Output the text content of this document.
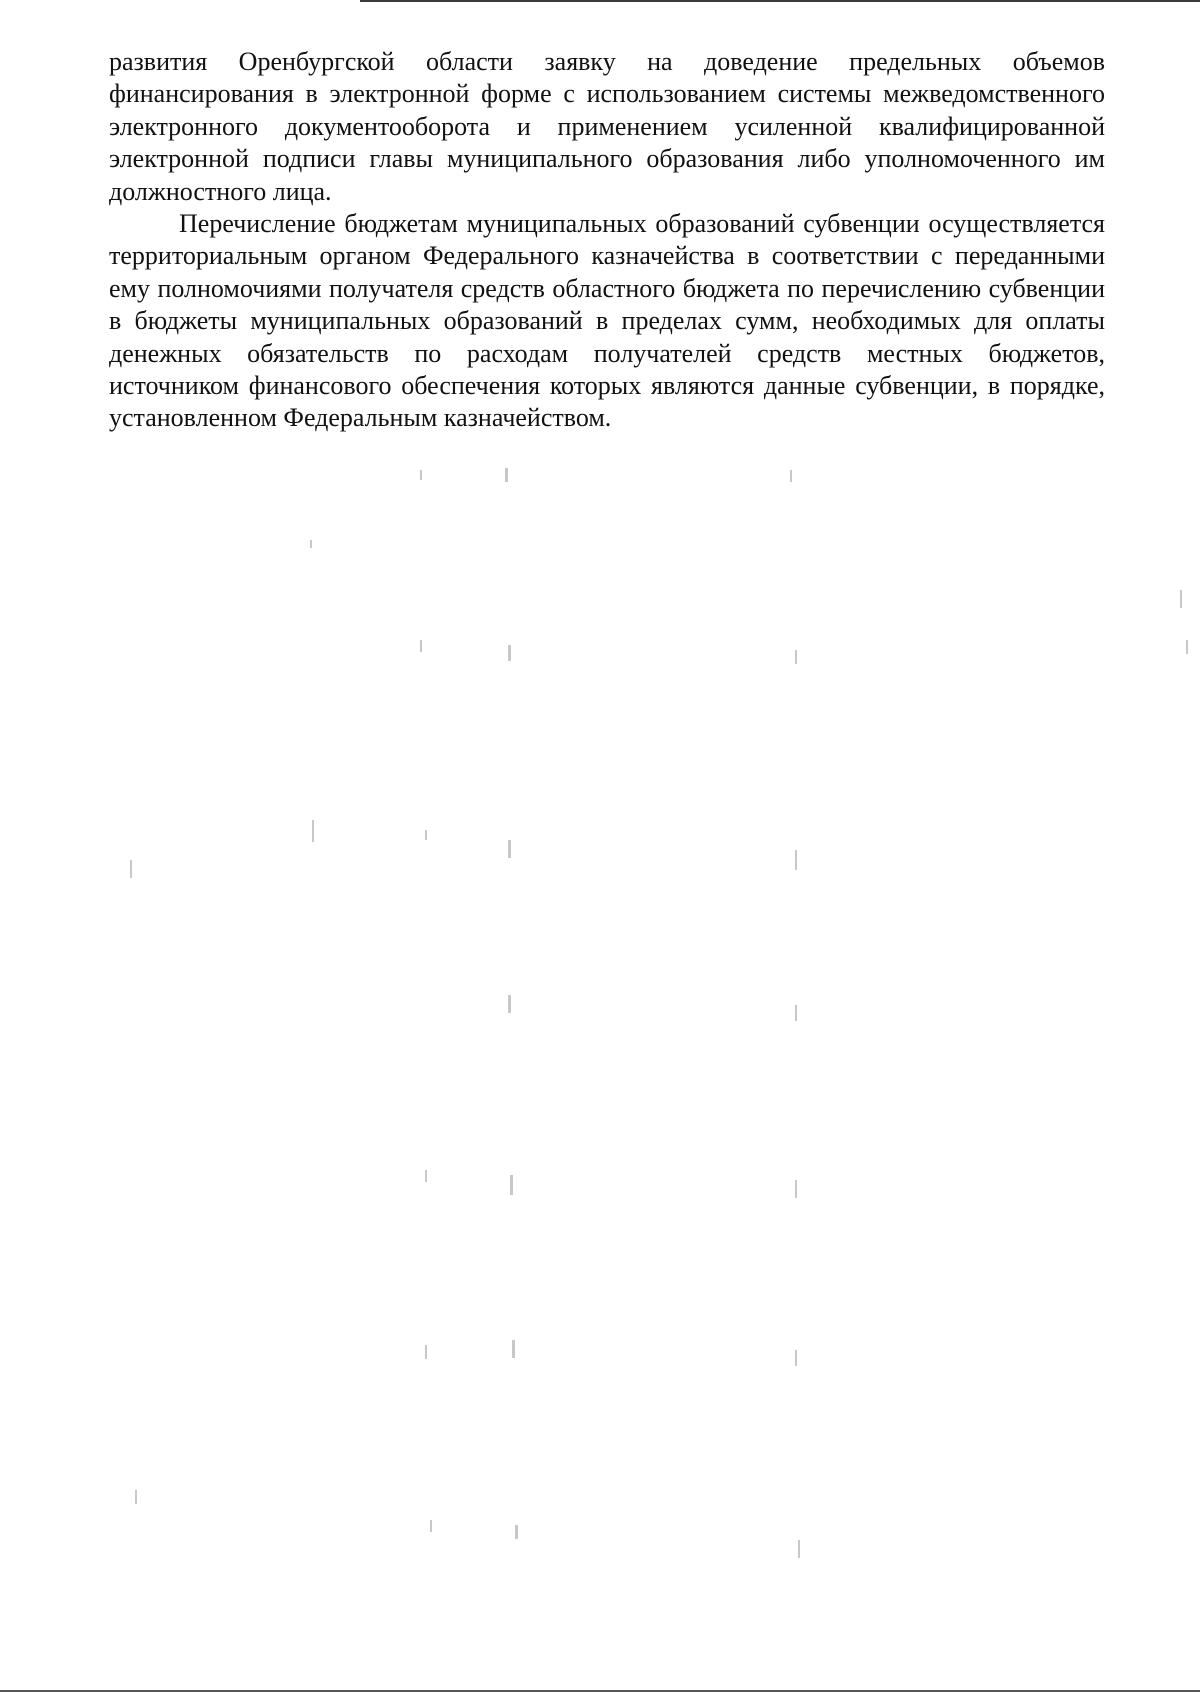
развития Оренбургской области заявку на доведение предельных объемов финансирования в электронной форме с использованием системы межведомственного электронного документооборота и применением усиленной квалифицированной электронной подписи главы муниципального образования либо уполномоченного им должностного лица.

Перечисление бюджетам муниципальных образований субвенции осуществляется территориальным органом Федерального казначейства в соответствии с переданными ему полномочиями получателя средств областного бюджета по перечислению субвенции в бюджеты муниципальных образований в пределах сумм, необходимых для оплаты денежных обязательств по расходам получателей средств местных бюджетов, источником финансового обеспечения которых являются данные субвенции, в порядке, установленном Федеральным казначейством.
